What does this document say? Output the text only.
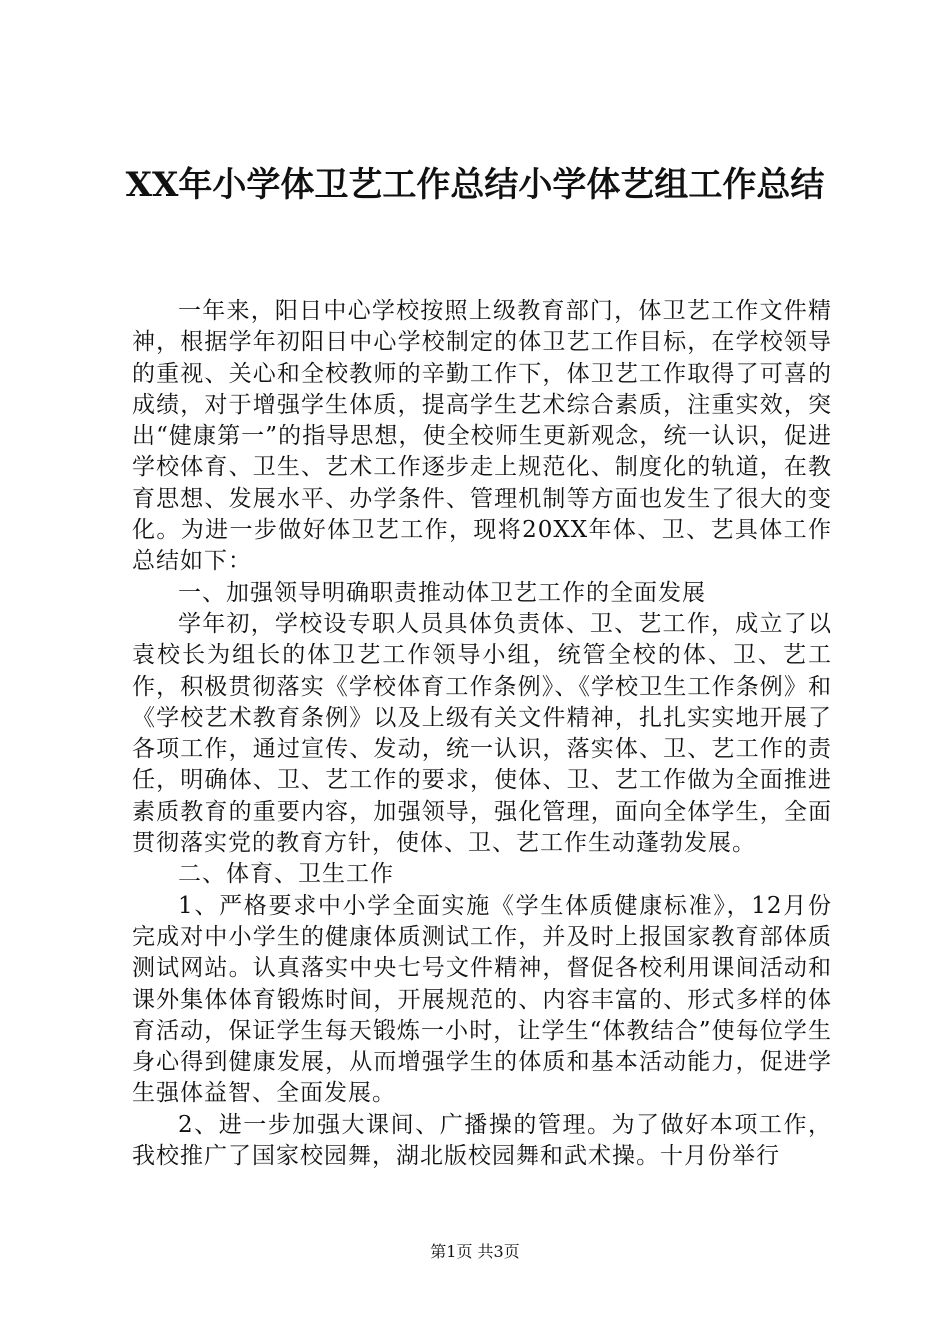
XX年小学体卫艺工作总结小学体艺组工作总结

一年来，阳日中心学校按照上级教育部门，体卫艺工作文件精神，根据学年初阳日中心学校制定的体卫艺工作目标，在学校领导的重视、关心和全校教师的辛勤工作下，体卫艺工作取得了可喜的成绩，对于增强学生体质，提高学生艺术综合素质，注重实效，突出“健康第一”的指导思想，使全校师生更新观念，统一认识，促进学校体育、卫生、艺术工作逐步走上规范化、制度化的轨道，在教育思想、发展水平、办学条件、管理机制等方面也发生了很大的变化。为进一步做好体卫艺工作，现将20XX年体、卫、艺具体工作总结如下：

一、加强领导明确职责推动体卫艺工作的全面发展

学年初，学校设专职人员具体负责体、卫、艺工作，成立了以袁校长为组长的体卫艺工作领导小组，统管全校的体、卫、艺工作，积极贯彻落实《学校体育工作条例》、《学校卫生工作条例》和《学校艺术教育条例》以及上级有关文件精神，扎扎实实地开展了各项工作，通过宣传、发动，统一认识，落实体、卫、艺工作的责任，明确体、卫、艺工作的要求，使体、卫、艺工作做为全面推进素质教育的重要内容，加强领导，强化管理，面向全体学生，全面贯彻落实党的教育方针，使体、卫、艺工作生动蓬勃发展。

二、体育、卫生工作

1、严格要求中小学全面实施《学生体质健康标准》，12月份完成对中小学生的健康体质测试工作，并及时上报国家教育部体质测试网站。认真落实中央七号文件精神，督促各校利用课间活动和课外集体体育锻炼时间，开展规范的、内容丰富的、形式多样的体育活动，保证学生每天锻炼一小时，让学生“体教结合”使每位学生身心得到健康发展，从而增强学生的体质和基本活动能力，促进学生强体益智、全面发展。

2、进一步加强大课间、广播操的管理。为了做好本项工作，我校推广了国家校园舞，湖北版校园舞和武术操。十月份举行

第1页 共3页
